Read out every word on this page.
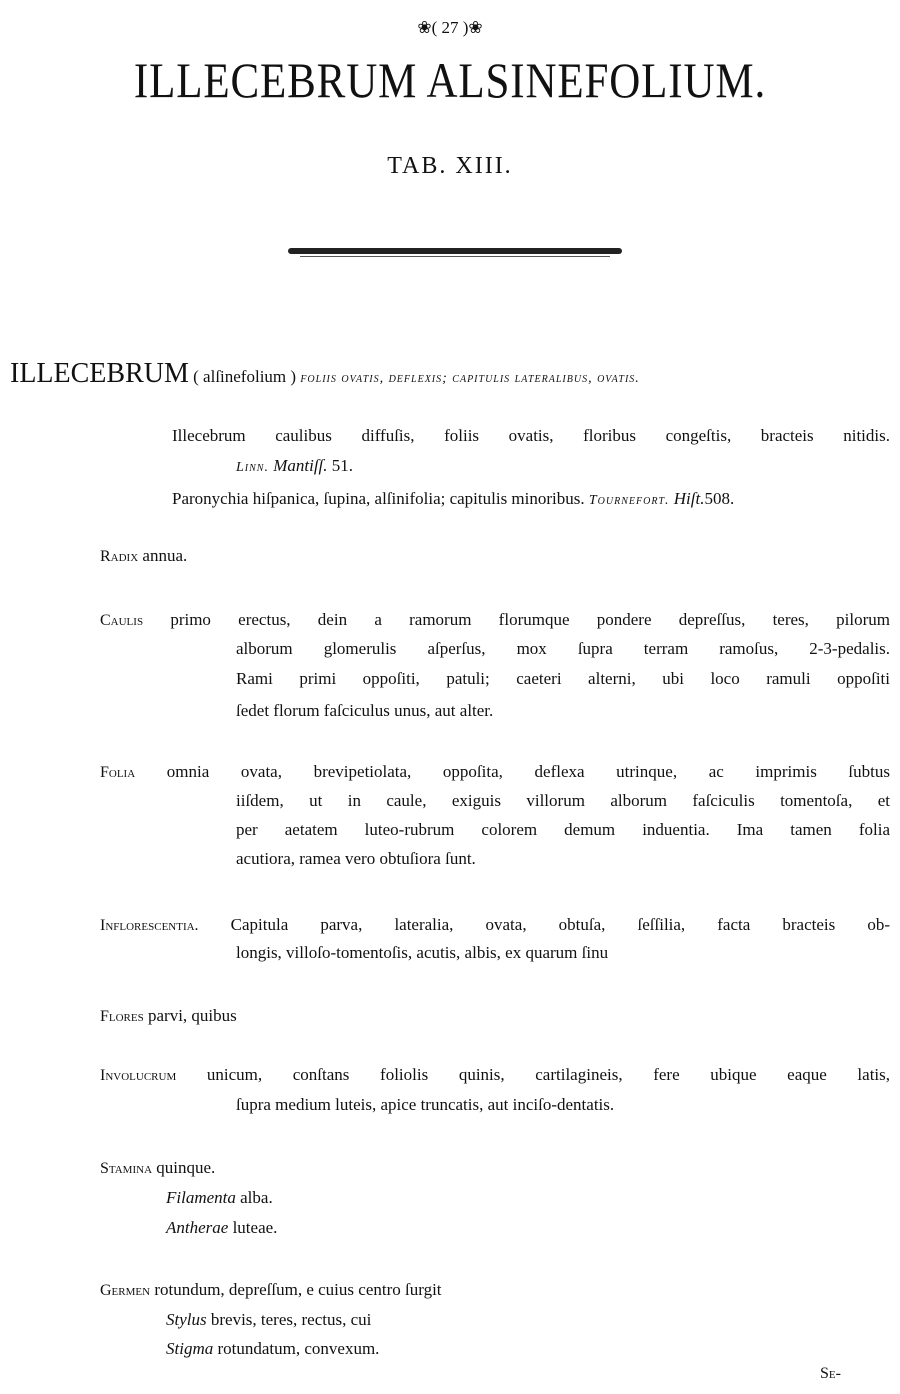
❀( 27 )❀
ILLECEBRUM ALSINEFOLIUM.
TAB. XIII.
ILLECEBRUM ( alſinefolium ) foliis ovatis, deflexis; capitulis lateralibus, ovatis.
Illecebrum caulibus diffuſis, foliis ovatis, floribus congeſtis, bracteis nitidis.
Linn. Mantiſſ. 51.
Paronychia hiſpanica, ſupina, alſinifolia; capitulis minoribus. Tournefort. Hiſt.508.
Radix annua.
Caulis primo erectus, dein a ramorum florumque pondere depreſſus, teres, pilorum
alborum glomerulis aſperſus, mox ſupra terram ramoſus, 2-3-pedalis.
Rami primi oppoſiti, patuli; caeteri alterni, ubi loco ramuli oppoſiti
ſedet florum faſciculus unus, aut alter.
Folia omnia ovata, brevipetiolata, oppoſita, deflexa utrinque, ac imprimis ſubtus
iiſdem, ut in caule, exiguis villorum alborum faſciculis tomentoſa, et
per aetatem luteo-rubrum colorem demum induentia. Ima tamen folia
acutiora, ramea vero obtuſiora ſunt.
Inflorescentia. Capitula parva, lateralia, ovata, obtuſa, ſeſſilia, facta bracteis ob-
longis, villoſo-tomentoſis, acutis, albis, ex quarum ſinu
Flores parvi, quibus
Involucrum unicum, conſtans foliolis quinis, cartilagineis, fere ubique eaque latis,
ſupra medium luteis, apice truncatis, aut inciſo-dentatis.
Stamina quinque.
Filamenta alba.
Antherae luteae.
Germen rotundum, depreſſum, e cuius centro ſurgit
Stylus brevis, teres, rectus, cui
Stigma rotundatum, convexum.
Se-
